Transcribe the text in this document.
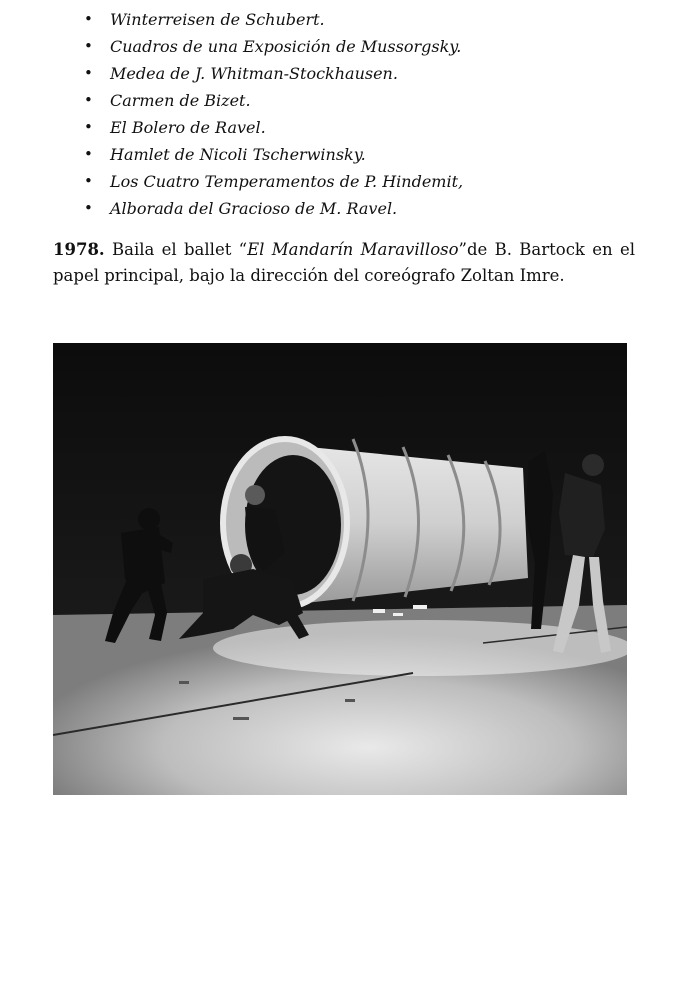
• Winterreisen de Schubert.
• Cuadros de una Exposición de Mussorgsky.
• Medea de J. Whitman-Stockhausen.
• Carmen de Bizet.
• El Bolero de Ravel.
• Hamlet de Nicoli Tscherwinsky.
• Los Cuatro Temperamentos de P. Hindemit,
• Alborada del Gracioso de M. Ravel.

1978. Baila el ballet “El Mandarín Maravilloso”de B. Bartock en el papel principal, bajo la dirección del coreógrafo Zoltan Imre.
